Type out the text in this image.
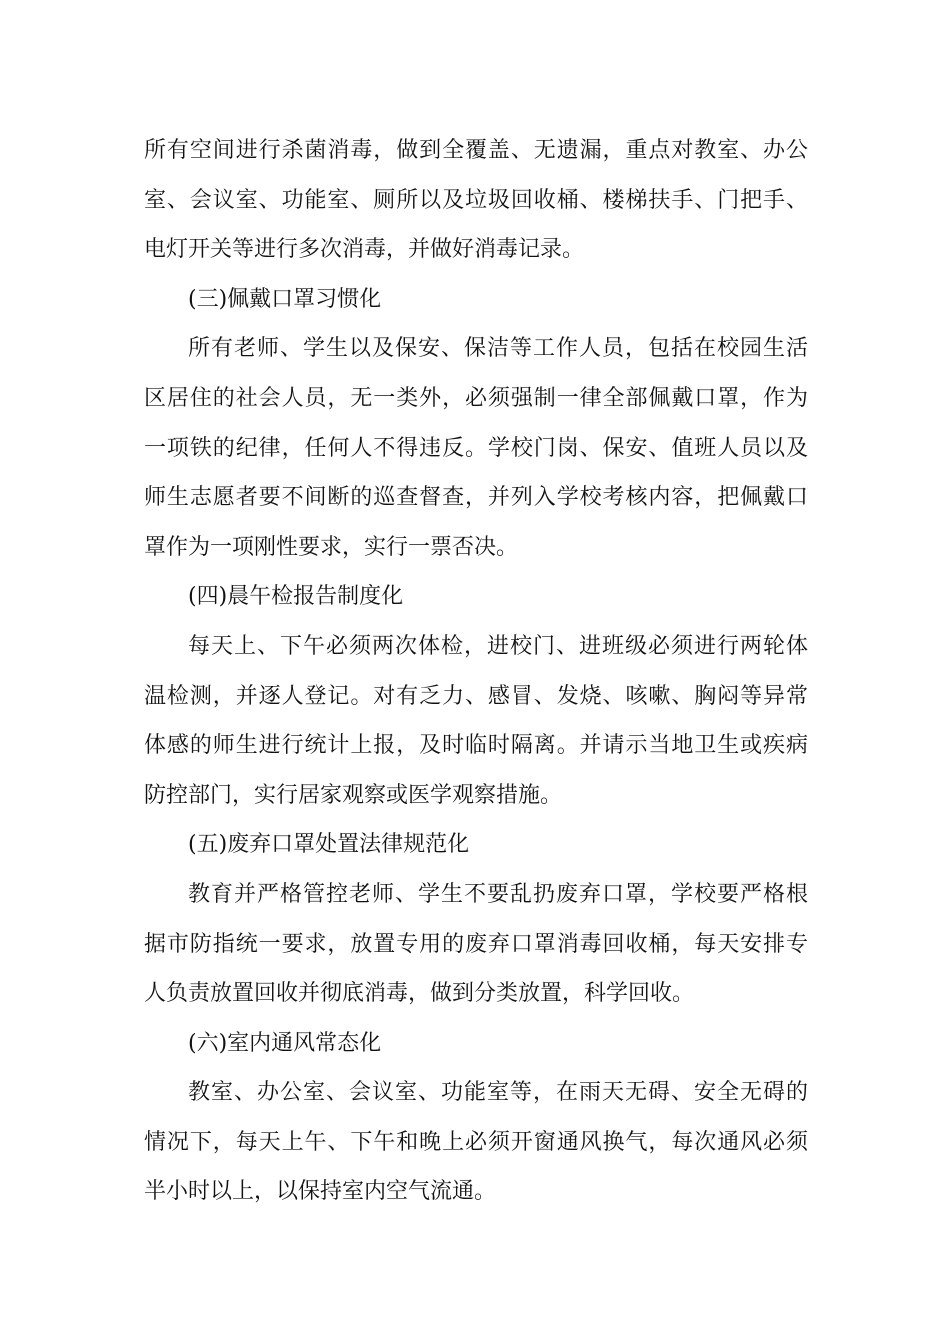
所有空间进行杀菌消毒，做到全覆盖、无遗漏，重点对教室、办公
室、会议室、功能室、厕所以及垃圾回收桶、楼梯扶手、门把手、
电灯开关等进行多次消毒，并做好消毒记录。
(三)佩戴口罩习惯化
所有老师、学生以及保安、保洁等工作人员，包括在校园生活
区居住的社会人员，无一类外，必须强制一律全部佩戴口罩，作为
一项铁的纪律，任何人不得违反。学校门岗、保安、值班人员以及
师生志愿者要不间断的巡查督查，并列入学校考核内容，把佩戴口
罩作为一项刚性要求，实行一票否决。
(四)晨午检报告制度化
每天上、下午必须两次体检，进校门、进班级必须进行两轮体
温检测，并逐人登记。对有乏力、感冒、发烧、咳嗽、胸闷等异常
体感的师生进行统计上报，及时临时隔离。并请示当地卫生或疾病
防控部门，实行居家观察或医学观察措施。
(五)废弃口罩处置法律规范化
教育并严格管控老师、学生不要乱扔废弃口罩，学校要严格根
据市防指统一要求，放置专用的废弃口罩消毒回收桶，每天安排专
人负责放置回收并彻底消毒，做到分类放置，科学回收。
(六)室内通风常态化
教室、办公室、会议室、功能室等，在雨天无碍、安全无碍的
情况下，每天上午、下午和晚上必须开窗通风换气，每次通风必须
半小时以上，以保持室内空气流通。
